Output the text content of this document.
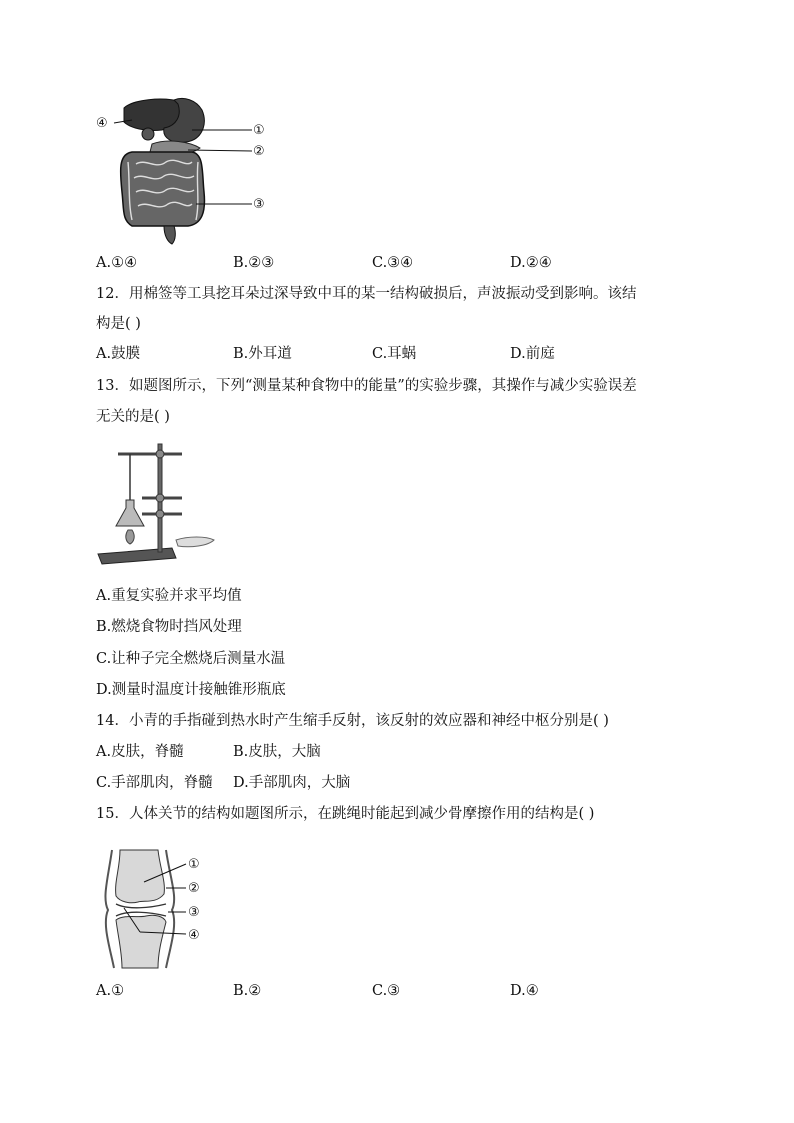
④	①
②
③
A.①④	B.②③	C.③④	D.②④
12．用棉签等工具挖耳朵过深导致中耳的某一结构破损后，声波振动受到影响。该结
构是( )
A.鼓膜	B.外耳道	C.耳蜗	D.前庭
13．如题图所示，下列“测量某种食物中的能量”的实验步骤，其操作与减少实验误差
无关的是( )
A.重复实验并求平均值
B.燃烧食物时挡风处理
C.让种子完全燃烧后测量水温
D.测量时温度计接触锥形瓶底
14．小青的手指碰到热水时产生缩手反射，该反射的效应器和神经中枢分别是( )
A.皮肤，脊髓	B.皮肤，大脑
C.手部肌肉，脊髓 D.手部肌肉，大脑
15．人体关节的结构如题图所示，在跳绳时能起到减少骨摩擦作用的结构是( )
①
②
③
④
A.①	B.②	C.③	D.④
